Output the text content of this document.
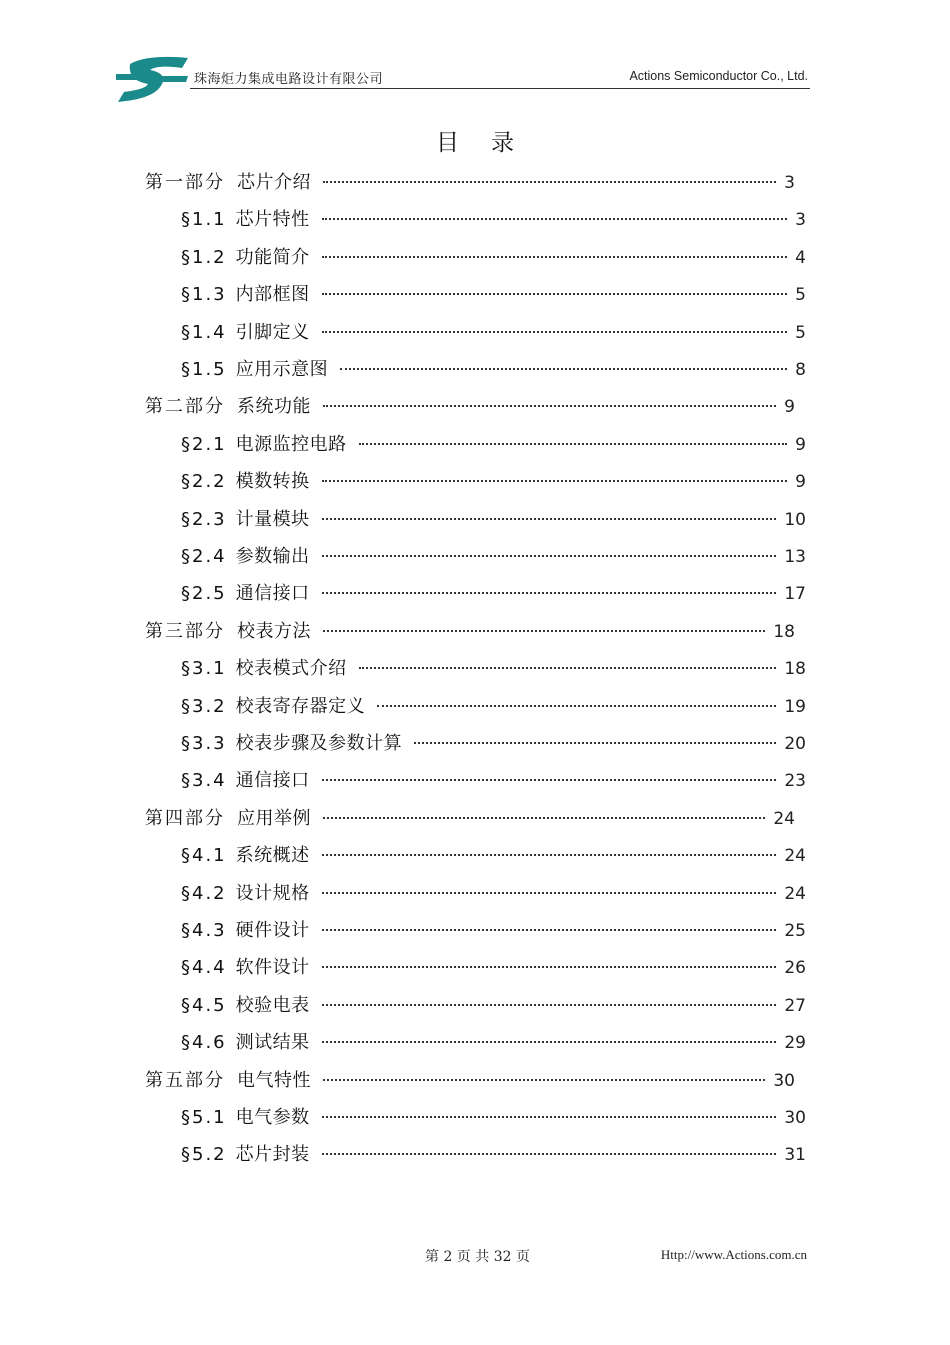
珠海炬力集成电路设计有限公司	Actions Semiconductor Co., Ltd.
目录
第一部分 芯片介绍	3
§1.1 芯片特性	3
§1.2 功能简介	4
§1.3 内部框图	5
§1.4 引脚定义	5
§1.5 应用示意图	8
第二部分 系统功能	9
§2.1 电源监控电路	9
§2.2 模数转换	9
§2.3 计量模块	10
§2.4 参数输出	13
§2.5 通信接口	17
第三部分 校表方法	18
§3.1 校表模式介绍	18
§3.2 校表寄存器定义	19
§3.3 校表步骤及参数计算	20
§3.4 通信接口	23
第四部分 应用举例	24
§4.1 系统概述	24
§4.2 设计规格	24
§4.3 硬件设计	25
§4.4 软件设计	26
§4.5 校验电表	27
§4.6 测试结果	29
第五部分 电气特性	30
§5.1 电气参数	30
§5.2 芯片封装	31
第 2 页 共 32 页	Http://www.Actions.com.cn
